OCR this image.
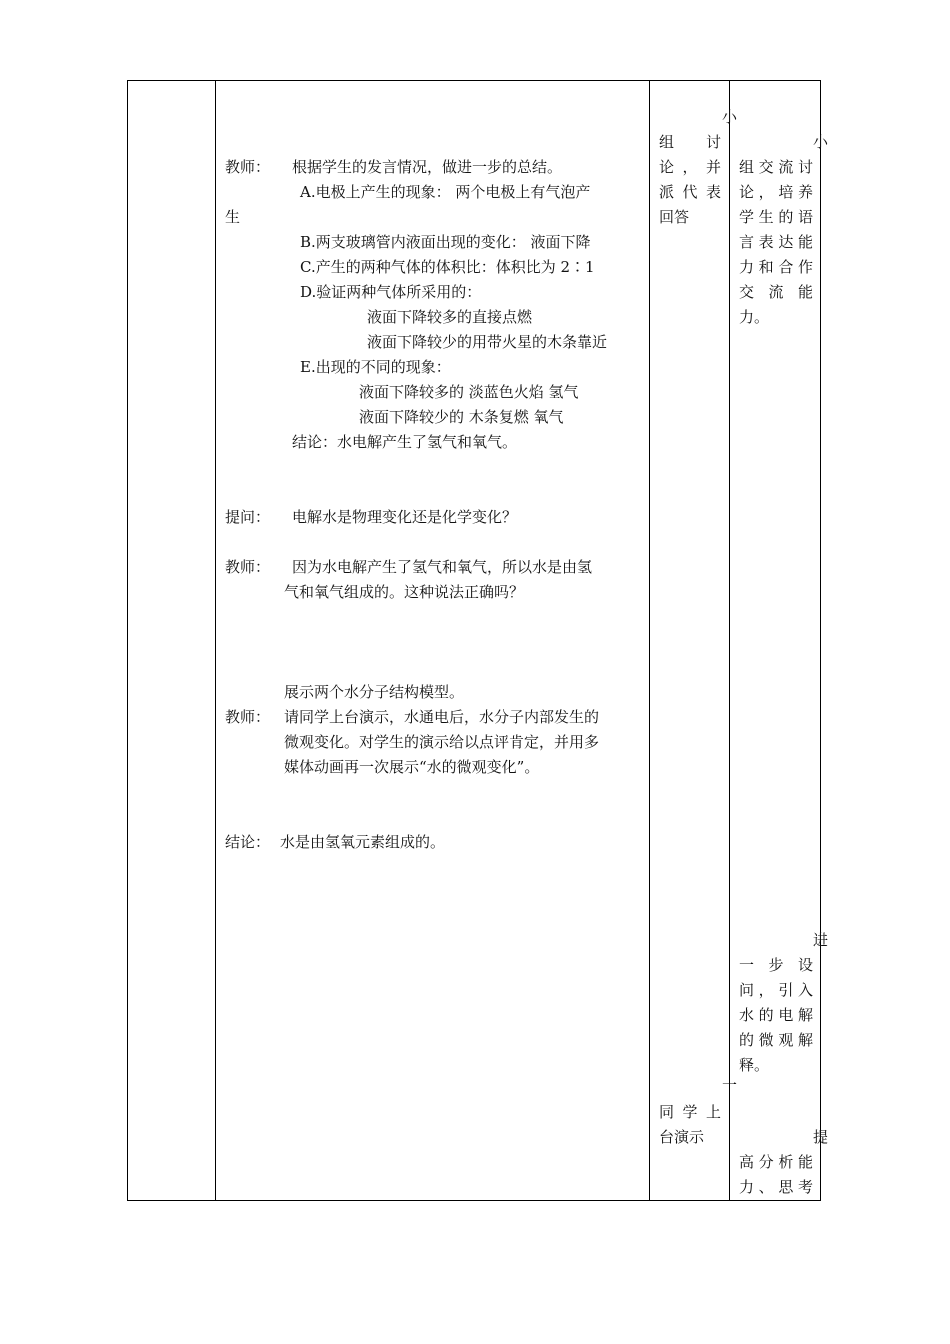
教师： 根据学生的发言情况，做进一步的总结。
A.电极上产生的现象： 两个电极上有气泡产
生
B.两支玻璃管内液面出现的变化： 液面下降
C.产生的两种气体的体积比：体积比为 2∶1
D.验证两种气体所采用的：
液面下降较多的直接点燃
液面下降较少的用带火星的木条靠近
E.出现的不同的现象：
液面下降较多的 淡蓝色火焰 氢气
液面下降较少的 木条复燃 氧气
结论：水电解产生了氢气和氧气。
提问： 电解水是物理变化还是化学变化？
教师： 因为水电解产生了氢气和氧气，所以水是由氢
气和氧气组成的。这种说法正确吗？
展示两个水分子结构模型。
教师： 请同学上台演示，水通电后，水分子内部发生的
微观变化。对学生的演示给以点评肯定，并用多
媒体动画再一次展示“水的微观变化”。
结论： 水是由氢氧元素组成的。
小
组讨
论，并
派代表
回答
一
同学上
台演示
小
组交流讨
论，培养
学生的语
言表达能
力和合作
交流能
力。
进
一步设
问，引入
水的电解
的微观解
释。
提
高分析能
力、思考
